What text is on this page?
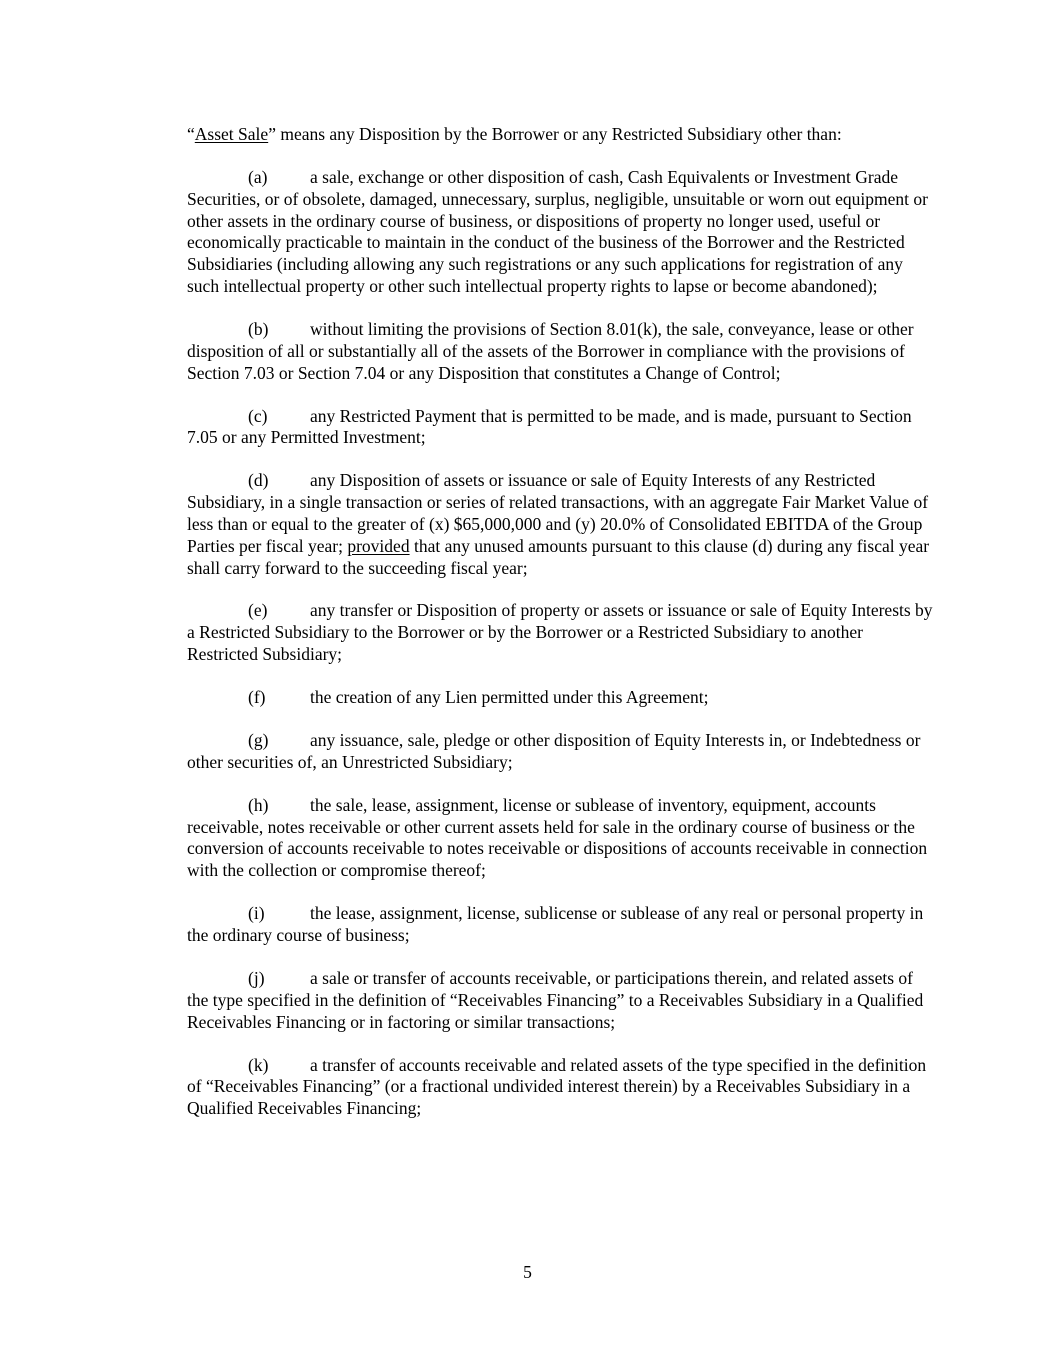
“Asset Sale” means any Disposition by the Borrower or any Restricted Subsidiary other than:

(a) a sale, exchange or other disposition of cash, Cash Equivalents or Investment Grade Securities, or of obsolete, damaged, unnecessary, surplus, negligible, unsuitable or worn out equipment or other assets in the ordinary course of business, or dispositions of property no longer used, useful or economically practicable to maintain in the conduct of the business of the Borrower and the Restricted Subsidiaries (including allowing any such registrations or any such applications for registration of any such intellectual property or other such intellectual property rights to lapse or become abandoned);

(b) without limiting the provisions of Section 8.01(k), the sale, conveyance, lease or other disposition of all or substantially all of the assets of the Borrower in compliance with the provisions of Section 7.03 or Section 7.04 or any Disposition that constitutes a Change of Control;

(c) any Restricted Payment that is permitted to be made, and is made, pursuant to Section 7.05 or any Permitted Investment;

(d) any Disposition of assets or issuance or sale of Equity Interests of any Restricted Subsidiary, in a single transaction or series of related transactions, with an aggregate Fair Market Value of less than or equal to the greater of (x) $65,000,000 and (y) 20.0% of Consolidated EBITDA of the Group Parties per fiscal year; provided that any unused amounts pursuant to this clause (d) during any fiscal year shall carry forward to the succeeding fiscal year;

(e) any transfer or Disposition of property or assets or issuance or sale of Equity Interests by a Restricted Subsidiary to the Borrower or by the Borrower or a Restricted Subsidiary to another Restricted Subsidiary;

(f)	the creation of any Lien permitted under this Agreement;

(g) any issuance, sale, pledge or other disposition of Equity Interests in, or Indebtedness or other securities of, an Unrestricted Subsidiary;

(h) the sale, lease, assignment, license or sublease of inventory, equipment, accounts receivable, notes receivable or other current assets held for sale in the ordinary course of business or the conversion of accounts receivable to notes receivable or dispositions of accounts receivable in connection with the collection or compromise thereof;

(i)	the lease, assignment, license, sublicense or sublease of any real or personal property in the ordinary course of business;

(j)	a sale or transfer of accounts receivable, or participations therein, and related assets of the type specified in the definition of “Receivables Financing” to a Receivables Subsidiary in a Qualified Receivables Financing or in factoring or similar transactions;

(k) a transfer of accounts receivable and related assets of the type specified in the definition of “Receivables Financing” (or a fractional undivided interest therein) by a Receivables Subsidiary in a Qualified Receivables Financing;

5
